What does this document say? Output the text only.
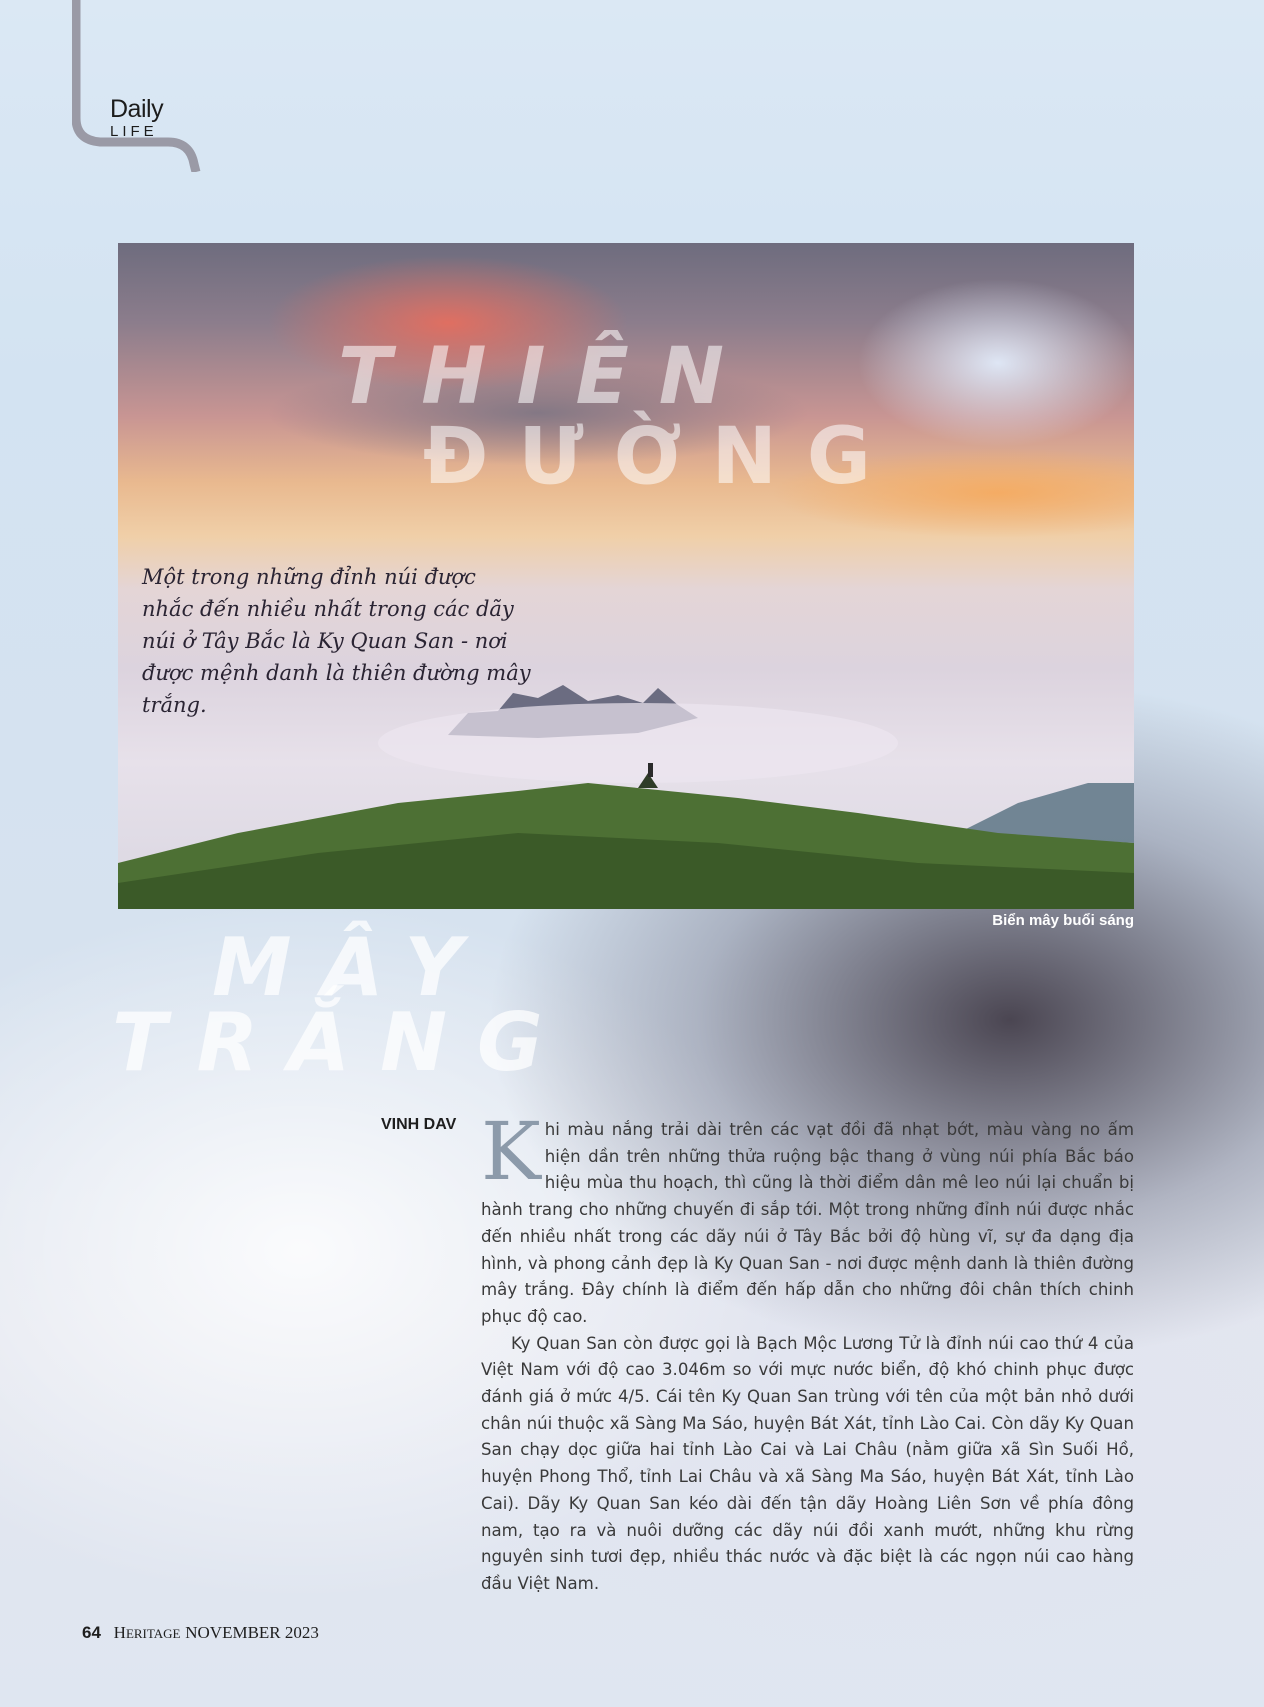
Daily
LIFE
THIÊN
ĐƯỜNG
Một trong những đỉnh núi được nhắc đến nhiều nhất trong các dãy núi ở Tây Bắc là Ky Quan San - nơi được mệnh danh là thiên đường mây trắng.
Biển mây buổi sáng
MÂY
TRẮNG
VINH DAV Khi màu nắng trải dài trên các vạt đồi đã nhạt bớt, màu vàng no ấm hiện dần trên những thửa ruộng bậc thang ở vùng núi phía Bắc báo hiệu mùa thu hoạch, thì cũng là thời điểm dân mê leo núi lại chuẩn bị hành trang cho những chuyến đi sắp tới. Một trong những đỉnh núi được nhắc đến nhiều nhất trong các dãy núi ở Tây Bắc bởi độ hùng vĩ, sự đa dạng địa hình, và phong cảnh đẹp là Ky Quan San - nơi được mệnh danh là thiên đường mây trắng. Đây chính là điểm đến hấp dẫn cho những đôi chân thích chinh phục độ cao.

Ky Quan San còn được gọi là Bạch Mộc Lương Tử là đỉnh núi cao thứ 4 của Việt Nam với độ cao 3.046m so với mực nước biển, độ khó chinh phục được đánh giá ở mức 4/5. Cái tên Ky Quan San trùng với tên của một bản nhỏ dưới chân núi thuộc xã Sàng Ma Sáo, huyện Bát Xát, tỉnh Lào Cai. Còn dãy Ky Quan San chạy dọc giữa hai tỉnh Lào Cai và Lai Châu (nằm giữa xã Sìn Suối Hồ, huyện Phong Thổ, tỉnh Lai Châu và xã Sàng Ma Sáo, huyện Bát Xát, tỉnh Lào Cai). Dãy Ky Quan San kéo dài đến tận dãy Hoàng Liên Sơn về phía đông nam, tạo ra và nuôi dưỡng các dãy núi đồi xanh mướt, những khu rừng nguyên sinh tươi đẹp, nhiều thác nước và đặc biệt là các ngọn núi cao hàng đầu Việt Nam.

64 HERITAGE NOVEMBER 2023
